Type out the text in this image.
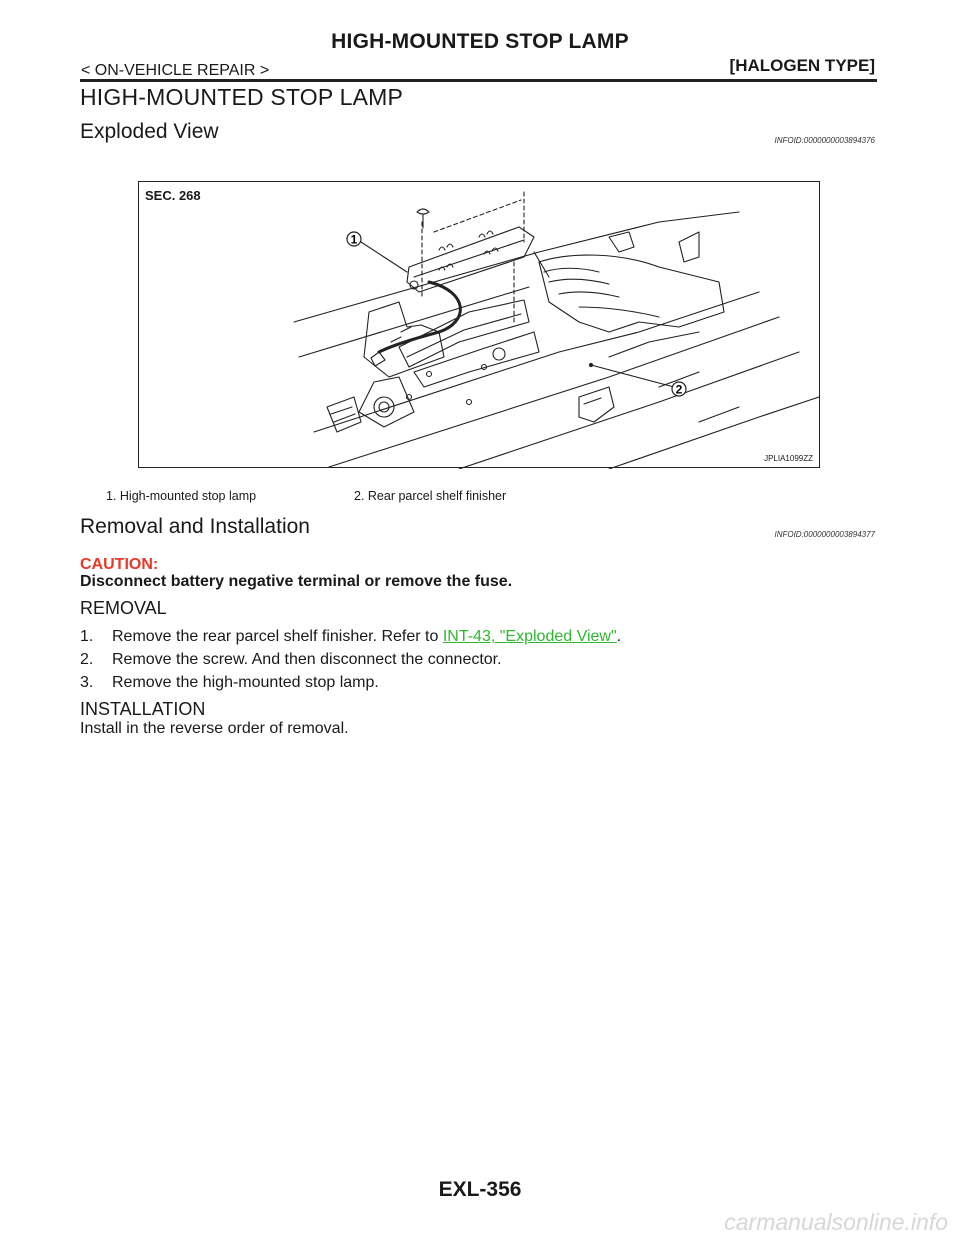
HIGH-MOUNTED STOP LAMP
< ON-VEHICLE REPAIR >	[HALOGEN TYPE]
HIGH-MOUNTED STOP LAMP
Exploded View	INFOID:0000000003894376
1
2
SEC. 268
JPLIA1099ZZ
1. High-mounted stop lamp	2. Rear parcel shelf finisher
Removal and Installation	INFOID:0000000003894377
CAUTION:
Disconnect battery negative terminal or remove the fuse.
REMOVAL
1. Remove the rear parcel shelf finisher. Refer to INT-43, "Exploded View".
2. Remove the screw. And then disconnect the connector.
3. Remove the high-mounted stop lamp.
INSTALLATION
Install in the reverse order of removal.
EXL-356
carmanualsonline.info
